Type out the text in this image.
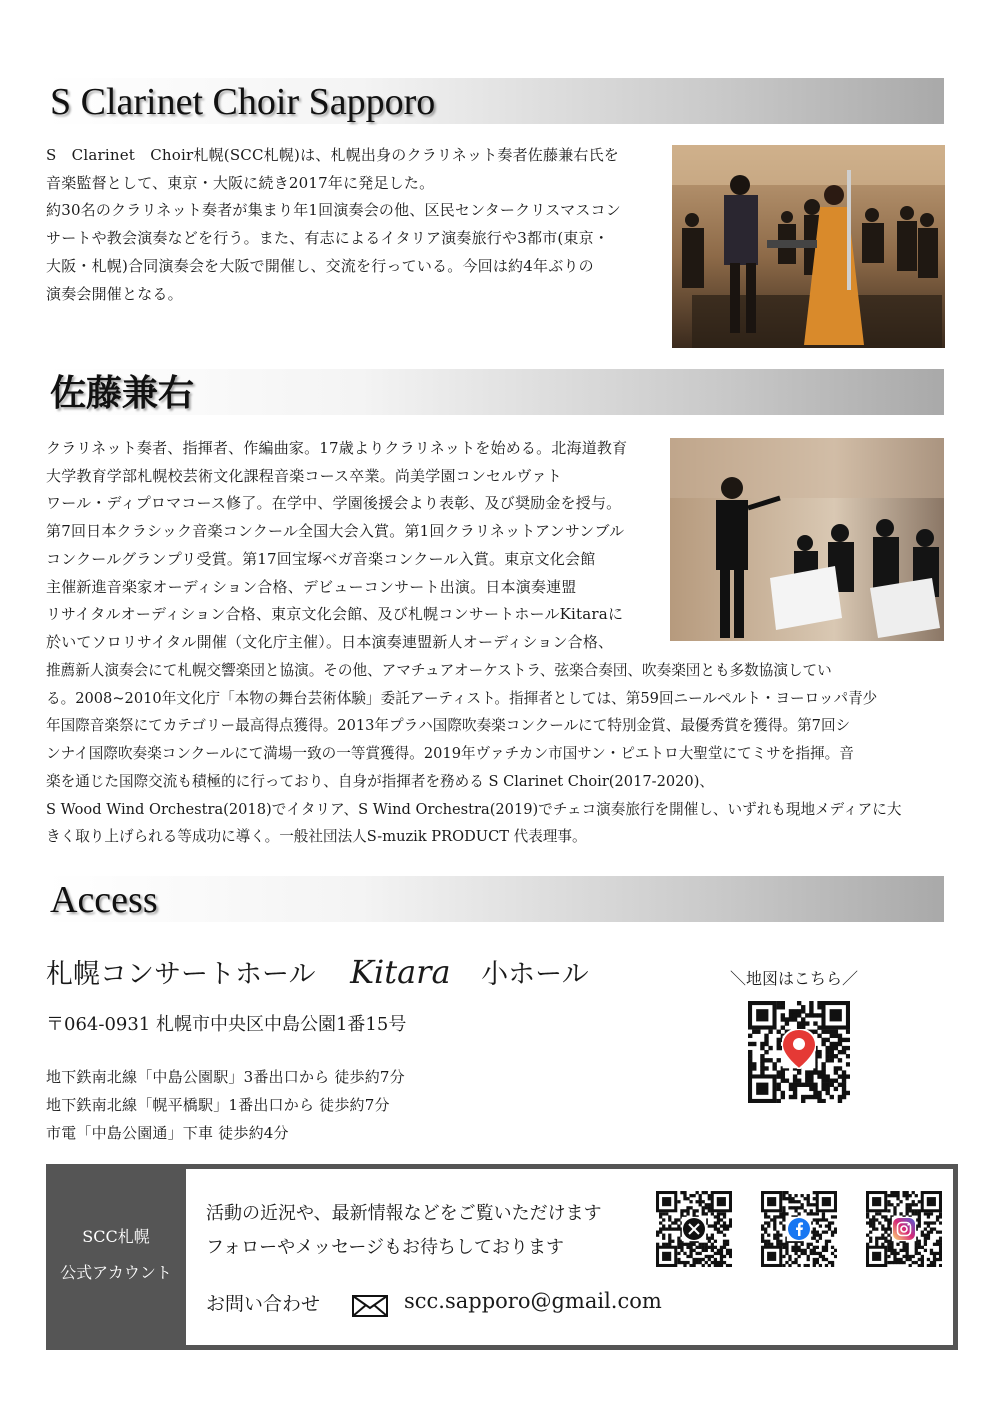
S Clarinet Choir Sapporo
S　Clarinet　Choir札幌(SCC札幌)は、札幌出身のクラリネット奏者佐藤兼右氏を
音楽監督として、東京・大阪に続き2017年に発足した。
約30名のクラリネット奏者が集まり年1回演奏会の他、区民センタークリスマスコン
サートや教会演奏などを行う。また、有志によるイタリア演奏旅行や3都市(東京・
大阪・札幌)合同演奏会を大阪で開催し、交流を行っている。今回は約4年ぶりの
演奏会開催となる。
佐藤兼右
クラリネット奏者、指揮者、作編曲家。17歳よりクラリネットを始める。北海道教育
大学教育学部札幌校芸術文化課程音楽コース卒業。尚美学園コンセルヴァト
ワール・ディプロマコース修了。在学中、学園後援会より表彰、及び奨励金を授与。
第7回日本クラシック音楽コンクール全国大会入賞。第1回クラリネットアンサンブル
コンクールグランプリ受賞。第17回宝塚ベガ音楽コンクール入賞。東京文化会館
主催新進音楽家オーディション合格、デビューコンサート出演。日本演奏連盟
リサイタルオーディション合格、東京文化会館、及び札幌コンサートホールKitaraに
於いてソロリサイタル開催（文化庁主催）。日本演奏連盟新人オーディション合格、
推薦新人演奏会にて札幌交響楽団と協演。その他、アマチュアオーケストラ、弦楽合奏団、吹奏楽団とも多数協演してい
る。2008~2010年文化庁「本物の舞台芸術体験」委託アーティスト。指揮者としては、第59回ニールペルト・ヨーロッパ青少
年国際音楽祭にてカテゴリー最高得点獲得。2013年プラハ国際吹奏楽コンクールにて特別金賞、最優秀賞を獲得。第7回シ
ンナイ国際吹奏楽コンクールにて満場一致の一等賞獲得。2019年ヴァチカン市国サン・ピエトロ大聖堂にてミサを指揮。音
楽を通じた国際交流も積極的に行っており、自身が指揮者を務める S Clarinet Choir(2017-2020)、
S Wood Wind Orchestra(2018)でイタリア、S Wind Orchestra(2019)でチェコ演奏旅行を開催し、いずれも現地メディアに大
きく取り上げられる等成功に導く。一般社団法人S-muzik PRODUCT 代表理事。
Access
札幌コンサートホール Kitara 小ホール
〒064-0931 札幌市中央区中島公園1番15号
地下鉄南北線「中島公園駅」3番出口から 徒歩約7分
地下鉄南北線「幌平橋駅」1番出口から 徒歩約7分
市電「中島公園通」下車 徒歩約4分
＼地図はこちら／
SCC札幌
公式アカウント
活動の近況や、最新情報などをご覧いただけます
フォローやメッセージもお待ちしております
お問い合わせ	scc.sapporo@gmail.com
